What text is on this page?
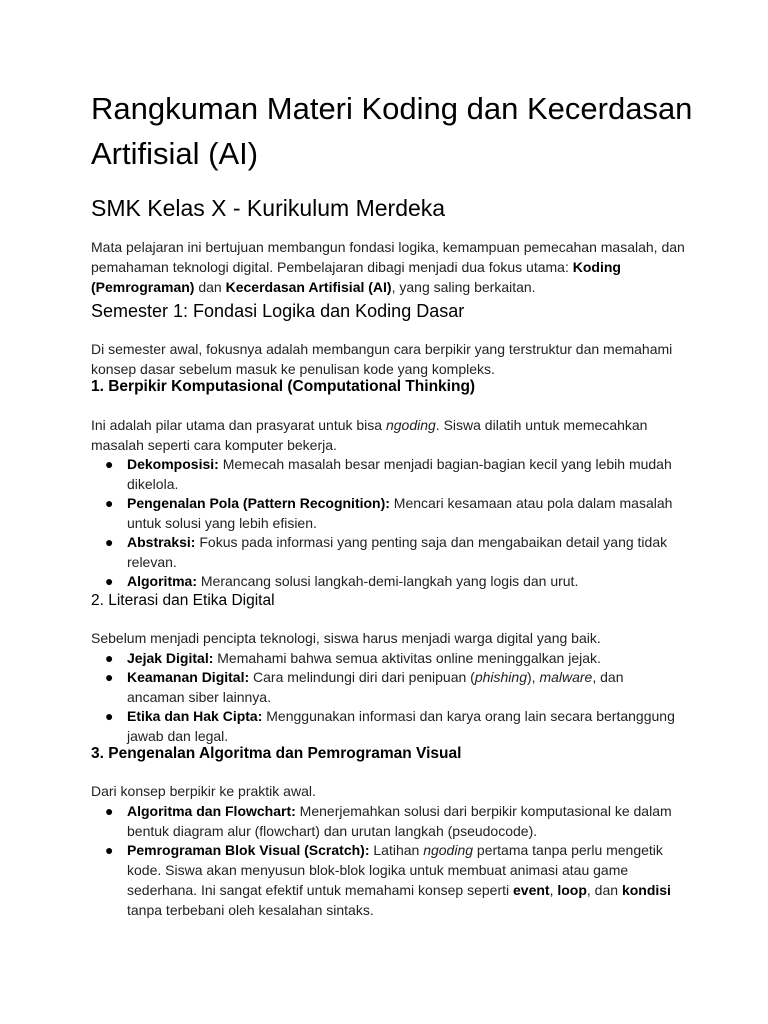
Rangkuman Materi Koding dan Kecerdasan Artifisial (AI)
SMK Kelas X - Kurikulum Merdeka

Mata pelajaran ini bertujuan membangun fondasi logika, kemampuan pemecahan masalah, dan pemahaman teknologi digital. Pembelajaran dibagi menjadi dua fokus utama: Koding (Pemrograman) dan Kecerdasan Artifisial (AI), yang saling berkaitan.

Semester 1: Fondasi Logika dan Koding Dasar

Di semester awal, fokusnya adalah membangun cara berpikir yang terstruktur dan memahami konsep dasar sebelum masuk ke penulisan kode yang kompleks.

1. Berpikir Komputasional (Computational Thinking)

Ini adalah pilar utama dan prasyarat untuk bisa ngoding. Siswa dilatih untuk memecahkan masalah seperti cara komputer bekerja.

● Dekomposisi: Memecah masalah besar menjadi bagian-bagian kecil yang lebih mudah dikelola.
● Pengenalan Pola (Pattern Recognition): Mencari kesamaan atau pola dalam masalah untuk solusi yang lebih efisien.
● Abstraksi: Fokus pada informasi yang penting saja dan mengabaikan detail yang tidak relevan.
● Algoritma: Merancang solusi langkah-demi-langkah yang logis dan urut.
2. Literasi dan Etika Digital

Sebelum menjadi pencipta teknologi, siswa harus menjadi warga digital yang baik.

● Jejak Digital: Memahami bahwa semua aktivitas online meninggalkan jejak.
● Keamanan Digital: Cara melindungi diri dari penipuan (phishing), malware, dan ancaman siber lainnya.
● Etika dan Hak Cipta: Menggunakan informasi dan karya orang lain secara bertanggung jawab dan legal.
3. Pengenalan Algoritma dan Pemrograman Visual

Dari konsep berpikir ke praktik awal.

● Algoritma dan Flowchart: Menerjemahkan solusi dari berpikir komputasional ke dalam bentuk diagram alur (flowchart) dan urutan langkah (pseudocode).
● Pemrograman Blok Visual (Scratch): Latihan ngoding pertama tanpa perlu mengetik kode. Siswa akan menyusun blok-blok logika untuk membuat animasi atau game sederhana. Ini sangat efektif untuk memahami konsep seperti event, loop, dan kondisi tanpa terbebani oleh kesalahan sintaks.
